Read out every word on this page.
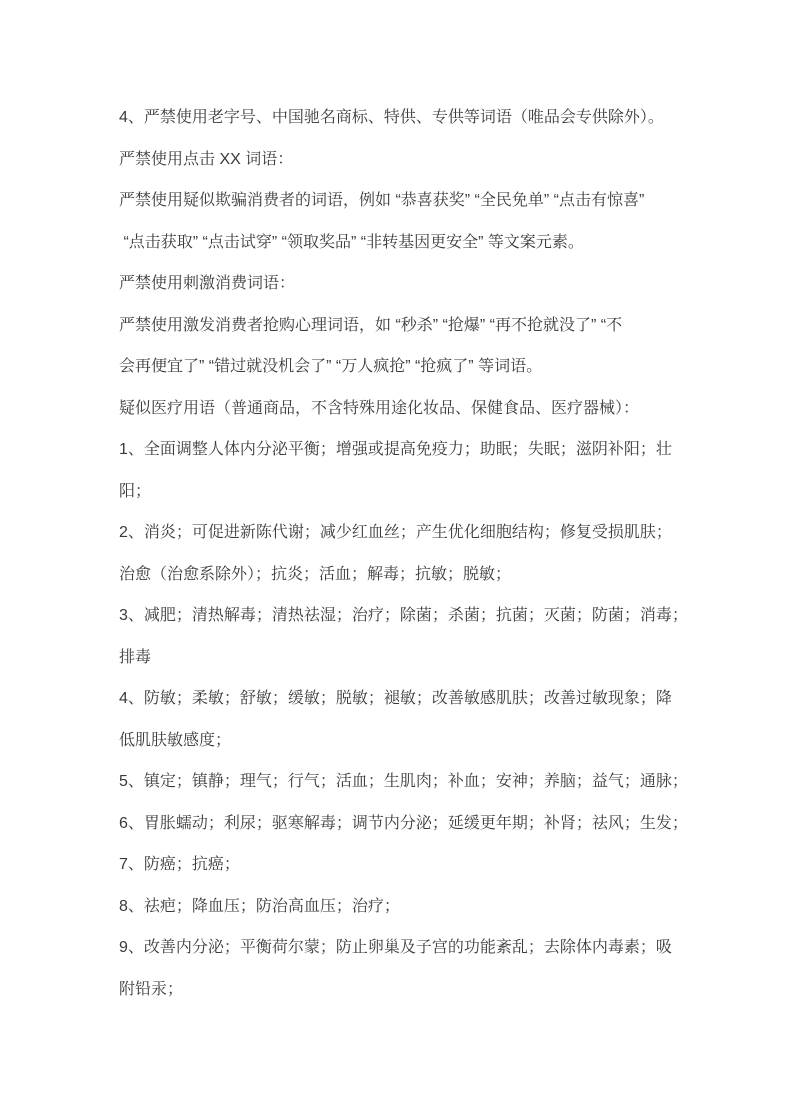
4、严禁使用老字号、中国驰名商标、特供、专供等词语（唯品会专供除外）。
严禁使用点击 XX 词语：
严禁使用疑似欺骗消费者的词语，例如 “恭喜获奖” “全民免单” “点击有惊喜”
“点击获取” “点击试穿” “领取奖品” “非转基因更安全” 等文案元素。
严禁使用刺激消费词语：
严禁使用激发消费者抢购心理词语，如 “秒杀” “抢爆” “再不抢就没了” “不
会再便宜了” “错过就没机会了” “万人疯抢” “抢疯了” 等词语。
疑似医疗用语（普通商品，不含特殊用途化妆品、保健食品、医疗器械）：
1、全面调整人体内分泌平衡；增强或提高免疫力；助眠；失眠；滋阴补阳；壮
阳；
2、消炎；可促进新陈代谢；减少红血丝；产生优化细胞结构；修复受损肌肤；
治愈（治愈系除外）；抗炎；活血；解毒；抗敏；脱敏；
3、减肥；清热解毒；清热祛湿；治疗；除菌；杀菌；抗菌；灭菌；防菌；消毒；
排毒
4、防敏；柔敏；舒敏；缓敏；脱敏；褪敏；改善敏感肌肤；改善过敏现象；降
低肌肤敏感度；
5、镇定；镇静；理气；行气；活血；生肌肉；补血；安神；养脑；益气；通脉；
6、胃胀蠕动；利尿；驱寒解毒；调节内分泌；延缓更年期；补肾；祛风；生发；
7、防癌；抗癌；
8、祛疤；降血压；防治高血压；治疗；
9、改善内分泌；平衡荷尔蒙；防止卵巢及子宫的功能紊乱；去除体内毒素；吸
附铅汞；
